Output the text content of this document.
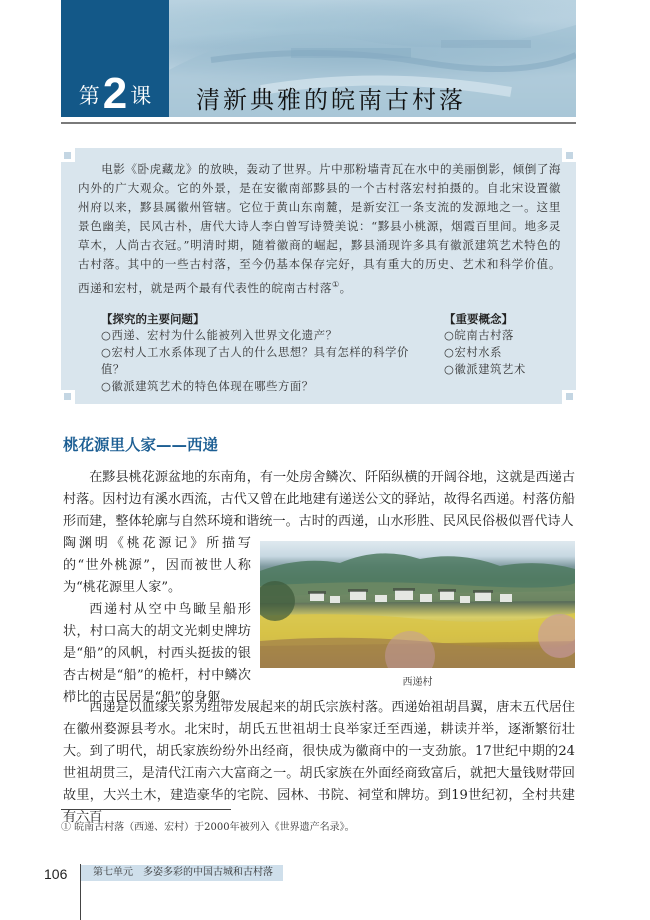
第 2 课 清新典雅的皖南古村落
电影《卧虎藏龙》的放映，轰动了世界。片中那粉墙青瓦在水中的美丽倒影，倾倒了海内外的广大观众。它的外景，是在安徽南部黟县的一个古村落宏村拍摄的。自北宋设置徽州府以来，黟县属徽州管辖。它位于黄山东南麓，是新安江一条支流的发源地之一。这里景色幽美，民风古朴，唐代大诗人李白曾写诗赞美说：“黟县小桃源，烟霞百里间。地多灵草木，人尚古衣冠。”明清时期，随着徽商的崛起，黟县涌现许多具有徽派建筑艺术特色的古村落。其中的一些古村落，至今仍基本保存完好，具有重大的历史、艺术和科学价值。西递和宏村，就是两个最有代表性的皖南古村落①。
【探究的主要问题】
○西递、宏村为什么能被列入世界文化遗产？
○宏村人工水系体现了古人的什么思想？具有怎样的科学价值？
○徽派建筑艺术的特色体现在哪些方面？
【重要概念】
○皖南古村落
○宏村水系
○徽派建筑艺术
桃花源里人家——西递
在黟县桃花源盆地的东南角，有一处房舍鳞次、阡陌纵横的开阔谷地，这就是西递古村落。因村边有溪水西流，古代又曾在此地建有递送公文的驿站，故得名西递。村落仿船形而建，整体轮廓与自然环境和谐统一。古时的西递，山水形胜、民风民俗极似晋代诗人
陶渊明《桃花源记》所描写的“世外桃源”，因而被世人称为“桃花源里人家”。
西递村从空中鸟瞰呈船形状，村口高大的胡文光刺史牌坊是“船”的风帆，村西头挺拔的银杏古树是“船”的桅杆，村中鳞次栉比的古民居是“船”的身躯。
西递村
西递是以血缘关系为纽带发展起来的胡氏宗族村落。西递始祖胡昌翼，唐末五代居住在徽州婺源县考水。北宋时，胡氏五世祖胡士良举家迁至西递，耕读并举，逐渐繁衍壮大。到了明代，胡氏家族纷纷外出经商，很快成为徽商中的一支劲旅。17世纪中期的24世祖胡贯三，是清代江南六大富商之一。胡氏家族在外面经商致富后，就把大量钱财带回故里，大兴土木，建造豪华的宅院、园林、书院、祠堂和牌坊。到19世纪初，全村共建有六百
① 皖南古村落（西递、宏村）于2000年被列入《世界遗产名录》。
106	第七单元　多姿多彩的中国古城和古村落
